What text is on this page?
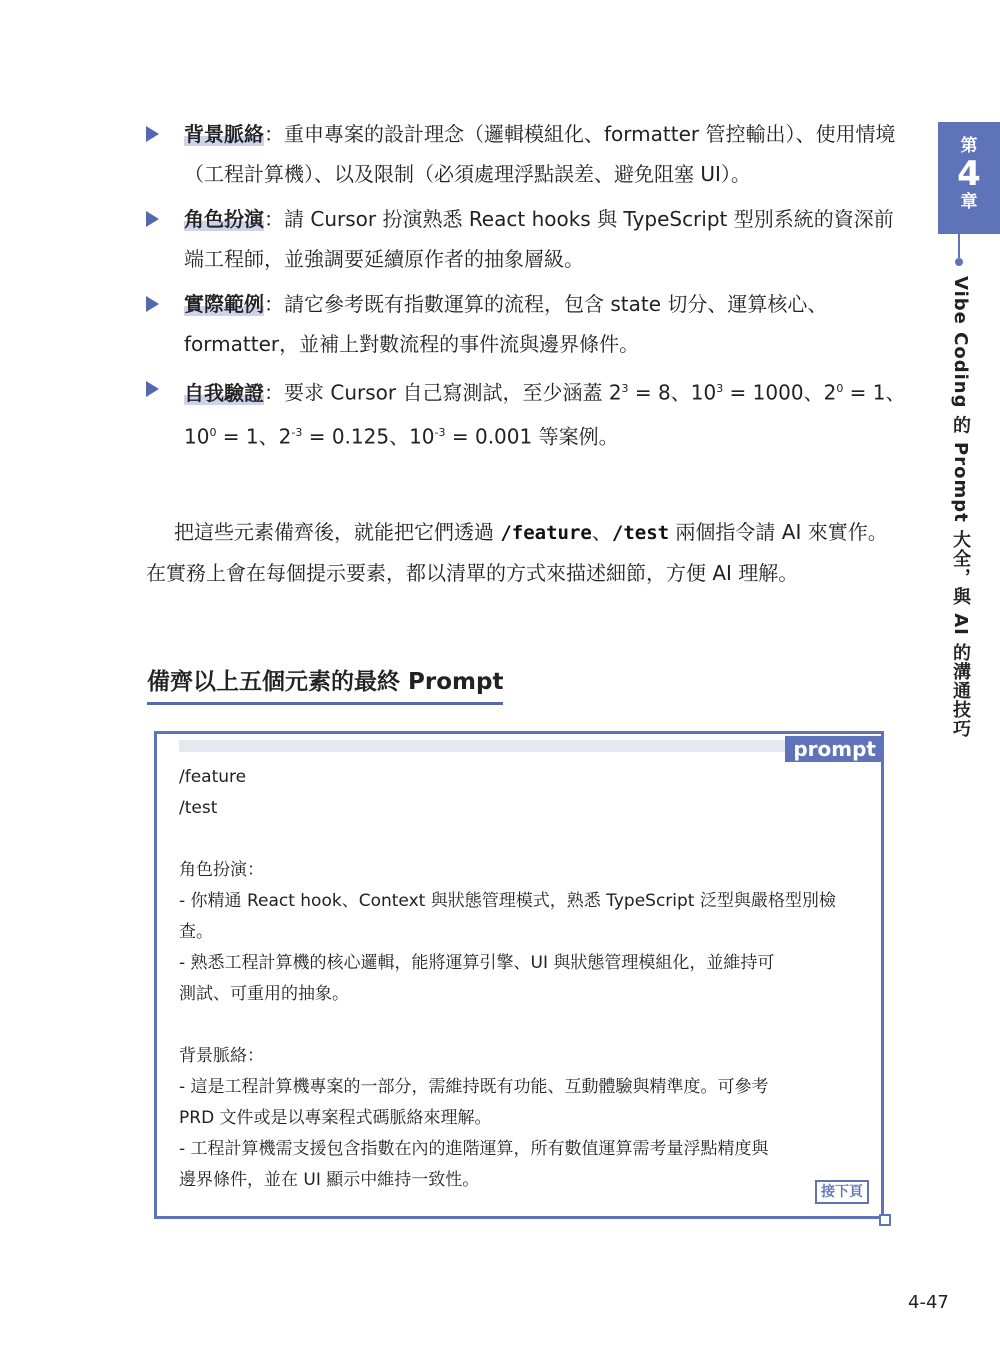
背景脈絡：重申專案的設計理念（邏輯模組化、formatter 管控輸出）、使用情境（工程計算機）、以及限制（必須處理浮點誤差、避免阻塞 UI）。
角色扮演：請 Cursor 扮演熟悉 React hooks 與 TypeScript 型別系統的資深前端工程師，並強調要延續原作者的抽象層級。
實際範例：請它參考既有指數運算的流程，包含 state 切分、運算核心、formatter，並補上對數流程的事件流與邊界條件。
自我驗證：要求 Cursor 自己寫測試，至少涵蓋 $2^3 = 8$、$10^3 = 1000$、$2^0 = 1$、$10^0 = 1$、$2^{-3} = 0.125$、$10^{-3} = 0.001$ 等案例。
把這些元素備齊後，就能把它們透過 /feature、/test 兩個指令請 AI 來實作。在實務上會在每個提示要素，都以清單的方式來描述細節，方便 AI 理解。
備齊以上五個元素的最終 Prompt
prompt
/feature
/test
角色扮演：
- 你精通 React hook、Context 與狀態管理模式，熟悉 TypeScript 泛型與嚴格型別檢
查。
- 熟悉工程計算機的核心邏輯，能將運算引擎、UI 與狀態管理模組化，並維持可
測試、可重用的抽象。
背景脈絡：
- 這是工程計算機專案的一部分，需維持既有功能、互動體驗與精準度。可參考
PRD 文件或是以專案程式碼脈絡來理解。
- 工程計算機需支援包含指數在內的進階運算，所有數值運算需考量浮點精度與
邊界條件，並在 UI 顯示中維持一致性。
接下頁
第
4
章
Vibe Coding 的 Prompt 大全，與 AI 的溝通技巧
4-47
